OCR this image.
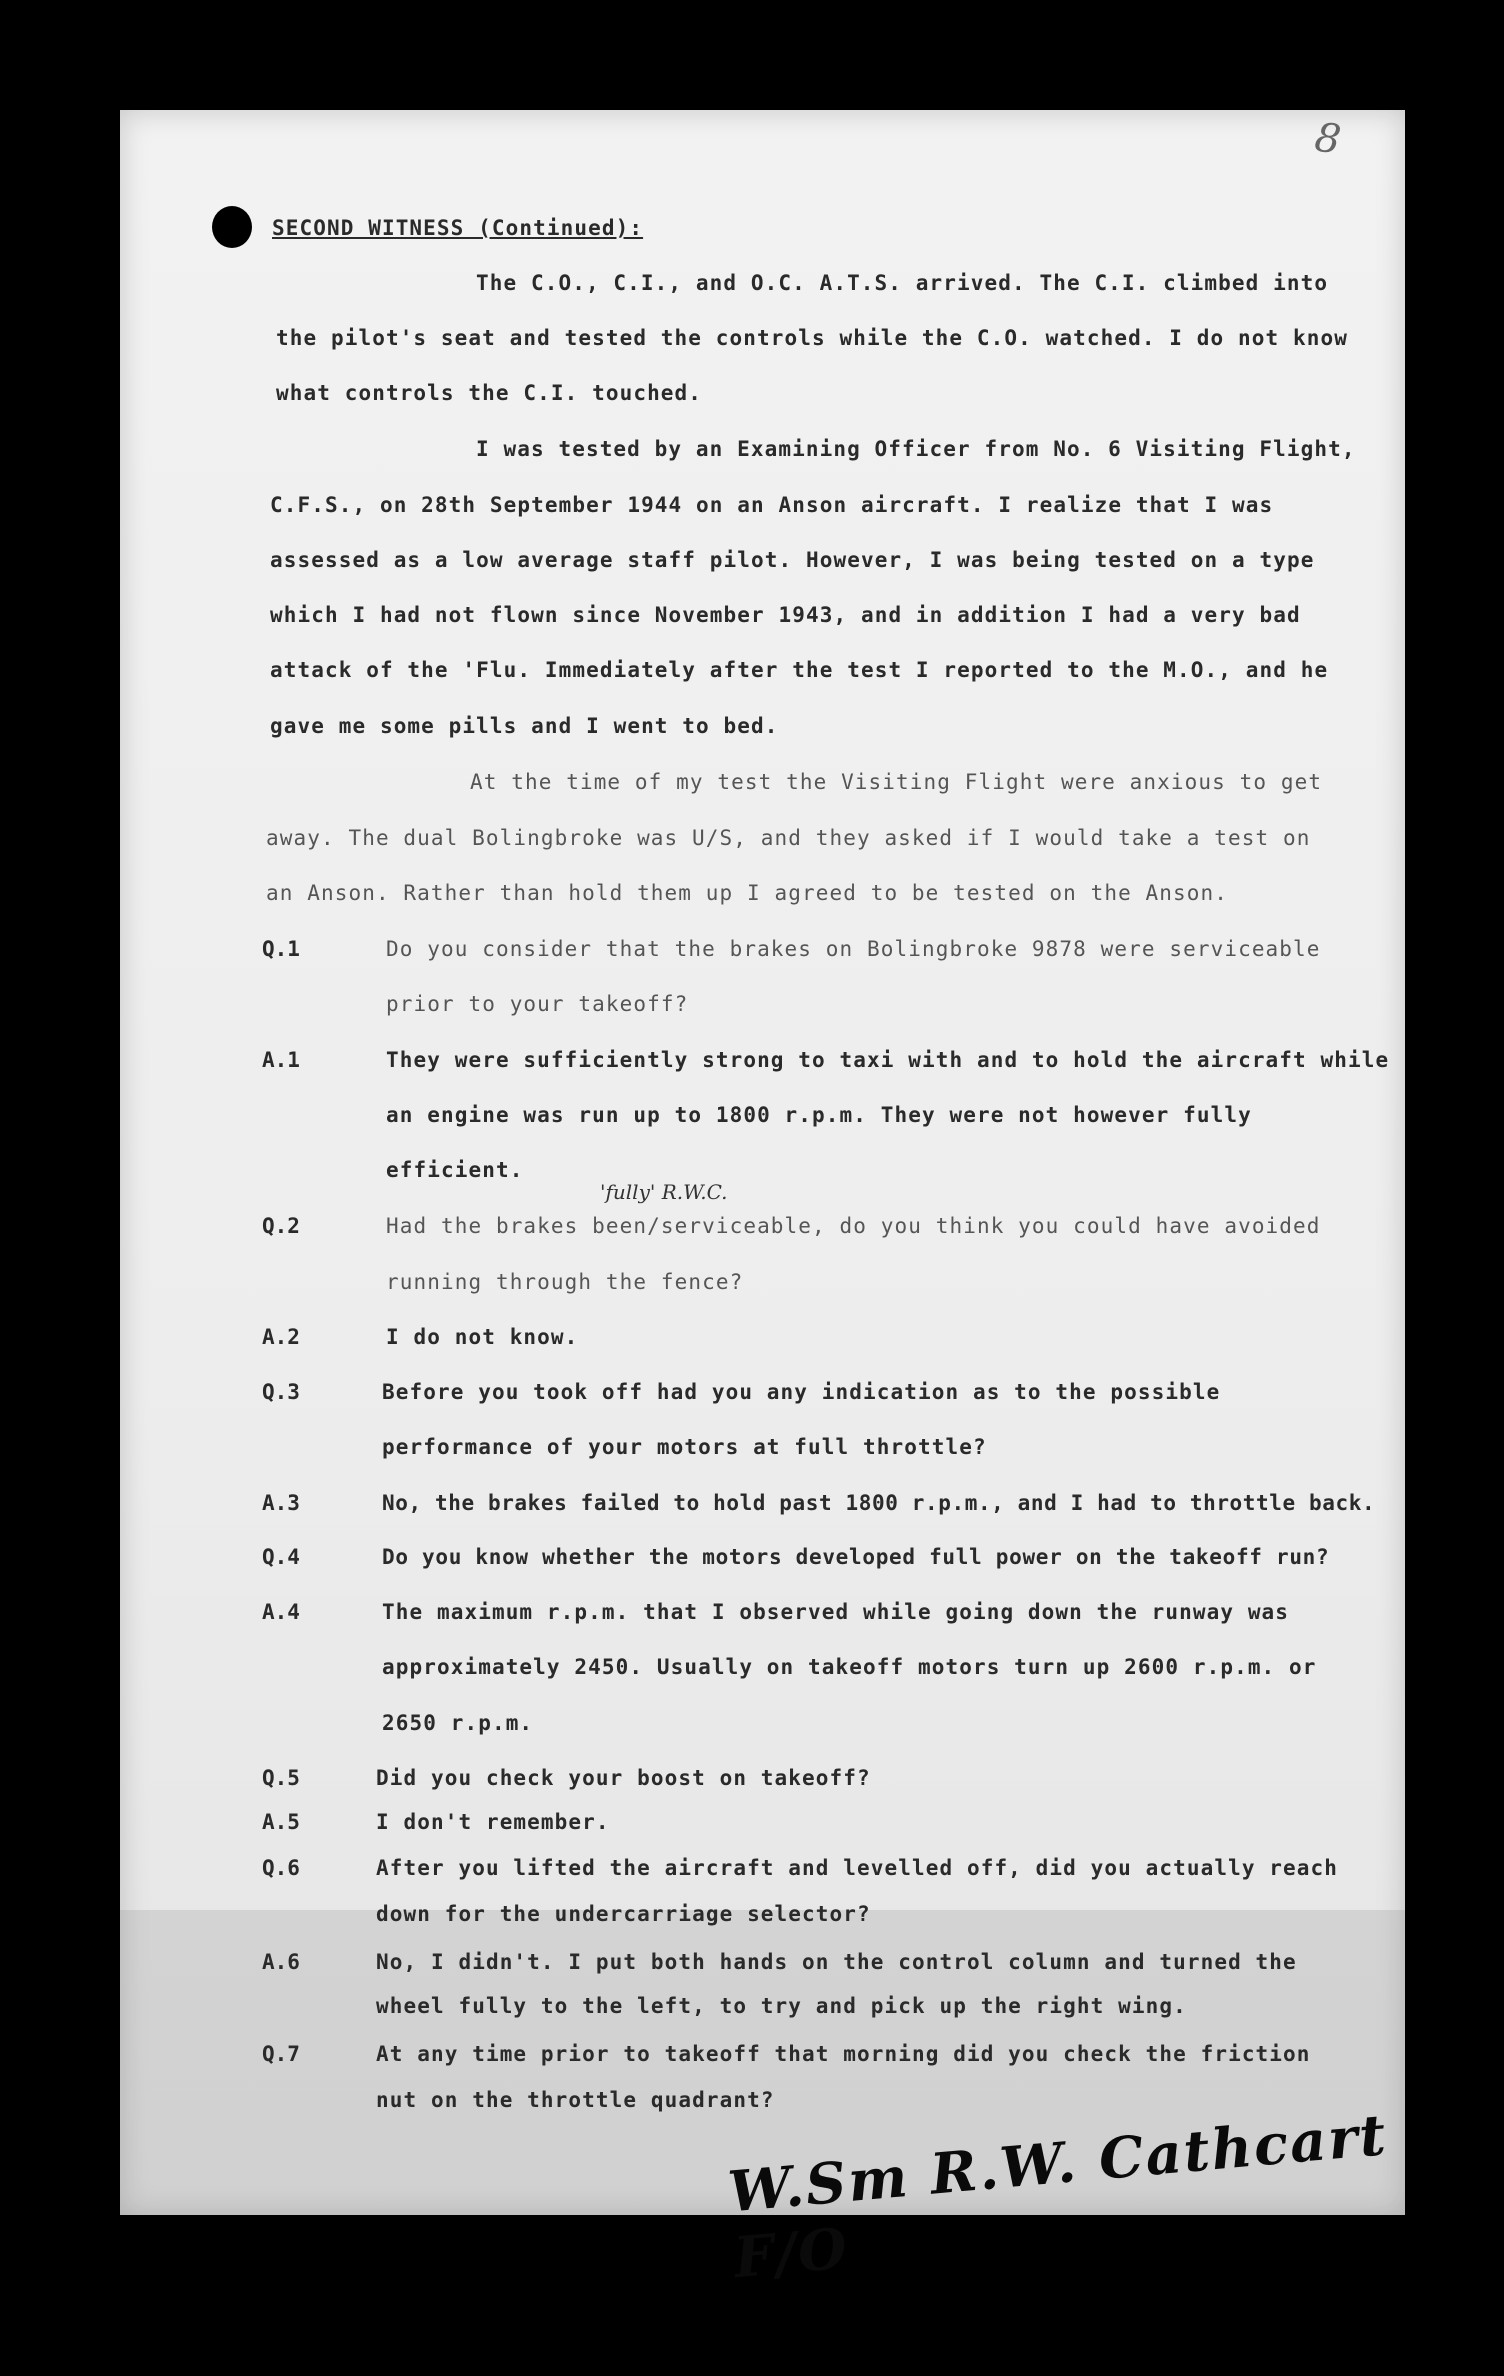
8
SECOND WITNESS (Continued):
The C.O., C.I., and O.C. A.T.S. arrived. The C.I. climbed into
the pilot's seat and tested the controls while the C.O. watched. I do not know
what controls the C.I. touched.
I was tested by an Examining Officer from No. 6 Visiting Flight,
C.F.S., on 28th September 1944 on an Anson aircraft. I realize that I was
assessed as a low average staff pilot. However, I was being tested on a type
which I had not flown since November 1943, and in addition I had a very bad
attack of the 'Flu. Immediately after the test I reported to the M.O., and he
gave me some pills and I went to bed.
At the time of my test the Visiting Flight were anxious to get
away. The dual Bolingbroke was U/S, and they asked if I would take a test on
an Anson. Rather than hold them up I agreed to be tested on the Anson.
Q.1	Do you consider that the brakes on Bolingbroke 9878 were serviceable
prior to your takeoff?
A.1	They were sufficiently strong to taxi with and to hold the aircraft while
an engine was run up to 1800 r.p.m. They were not however fully
efficient.
'fully' R.W.C.
Q.2	Had the brakes been/serviceable, do you think you could have avoided
running through the fence?
A.2	I do not know.
Q.3	Before you took off had you any indication as to the possible
performance of your motors at full throttle?
A.3	No, the brakes failed to hold past 1800 r.p.m., and I had to throttle back.
Q.4	Do you know whether the motors developed full power on the takeoff run?
A.4	The maximum r.p.m. that I observed while going down the runway was
approximately 2450. Usually on takeoff motors turn up 2600 r.p.m. or
2650 r.p.m.
Q.5	Did you check your boost on takeoff?
A.5	I don't remember.
Q.6	After you lifted the aircraft and levelled off, did you actually reach
down for the undercarriage selector?
A.6	No, I didn't. I put both hands on the control column and turned the
wheel fully to the left, to try and pick up the right wing.
Q.7	At any time prior to takeoff that morning did you check the friction
nut on the throttle quadrant?
W.Sm R.W. Cathcart F/O
